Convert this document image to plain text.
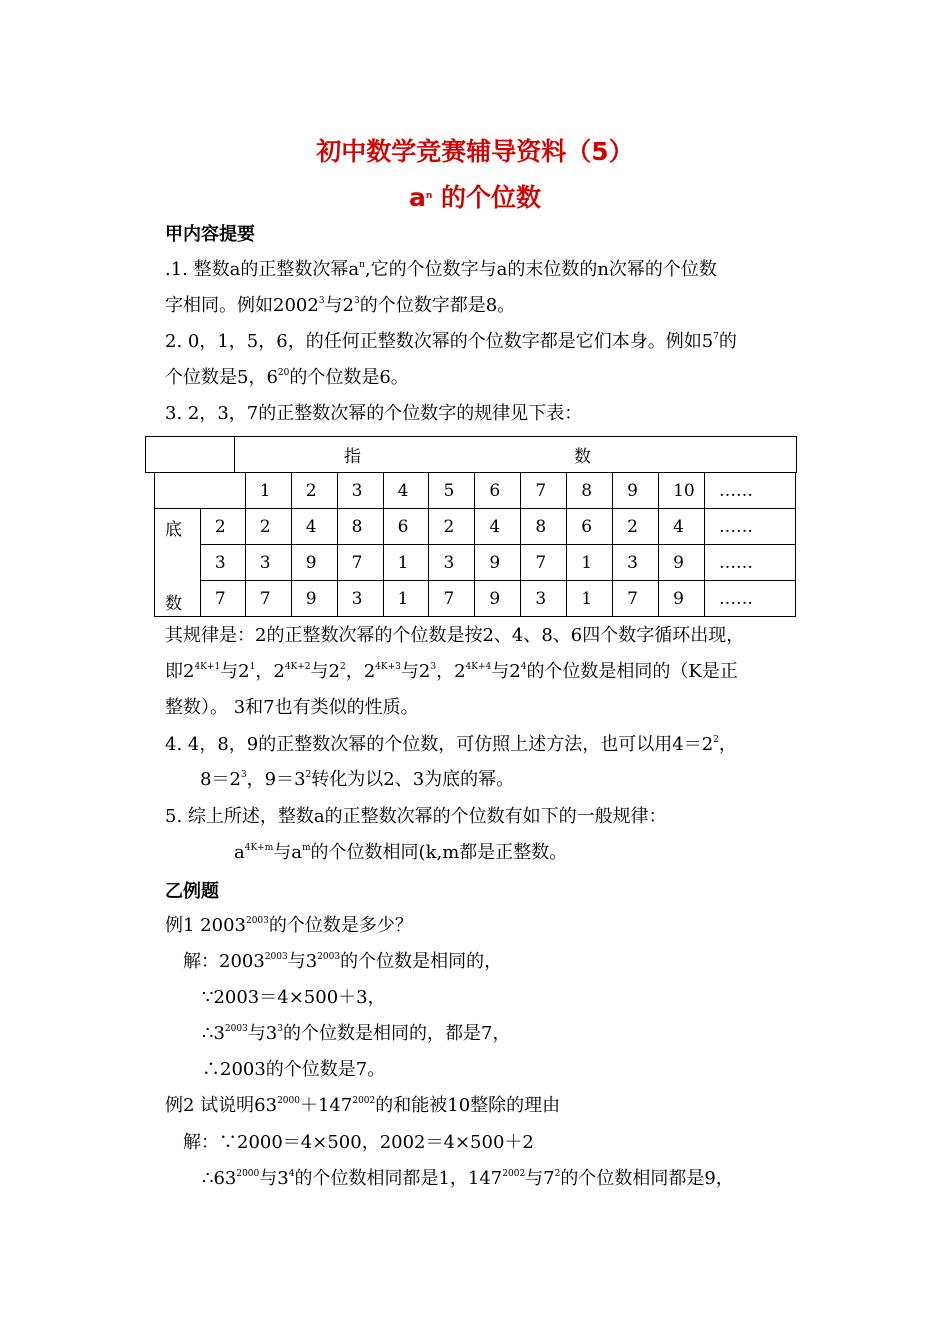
初中数学竞赛辅导资料（5）
$a^n$ 的个位数
甲内容提要
.1. 整数a的正整数次幂$a^n$,它的个位数字与a的末位数的n次幂的个位数
字相同。例如2002$^3$与$2^3$的个位数字都是8。
2. 0，1，5，6，的任何正整数次幂的个位数字都是它们本身。例如$5^7$的
个位数是5，$6^{20}$的个位数是6。
3. 2，3，7的正整数次幂的个位数字的规律见下表：
指	数
		1	2	3	4	5	6	7	8	9	10	……

底
数	2	2	4	8	6	2	4	8	6	2	4	……
	3	3	9	7	1	3	9	7	1	3	9	……
	7	7	9	3	1	7	9	3	1	7	9	……
其规律是：2的正整数次幂的个位数是按2、4、8、6四个数字循环出现，
即$2^{4K+1}$与$2^1$，$2^{4K+2}$与$2^2$，$2^{4K+3}$与$2^3$，$2^{4K+4}$与$2^4$的个位数是相同的（K是正
整数）。 3和7也有类似的性质。
4. 4，8，9的正整数次幂的个位数，可仿照上述方法，也可以用$4=2^2$，
$8=2^3$，$9=3^2$转化为以2、3为底的幂。
5. 综上所述，整数a的正整数次幂的个位数有如下的一般规律：
$a^{4K+m}$与$a^m$的个位数相同(k,m都是正整数。
乙例题
例1 $2003^{2003}$的个位数是多少？
解：$2003^{2003}$与$3^{2003}$的个位数是相同的，
∵2003＝4×500＋3，
$\therefore 3^{2003}$与$3^3$的个位数是相同的，都是7，
∴2003的个位数是7。
例2 试说明$63^{2000}+147^{2002}$的和能被10整除的理由
解：∵2000＝4×500，2002＝4×500＋2
$\therefore 63^{2000}$与$3^4$的个位数相同都是1，$147^{2002}$与$7^2$的个位数相同都是9，
